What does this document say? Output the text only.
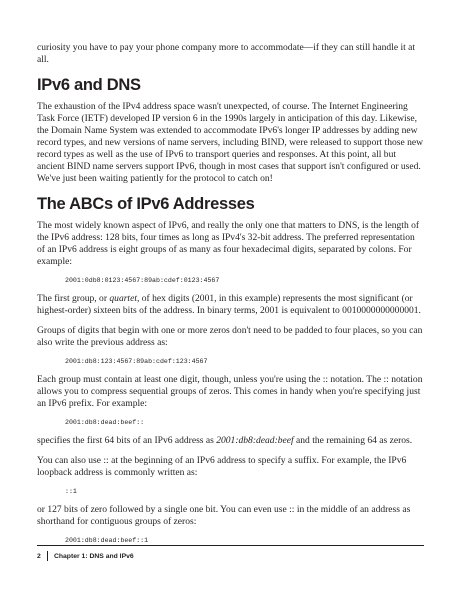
curiosity you have to pay your phone company more to accommodate—if they can still handle it at all.

IPv6 and DNS

The exhaustion of the IPv4 address space wasn't unexpected, of course. The Internet Engineering Task Force (IETF) developed IP version 6 in the 1990s largely in anticipation of this day. Likewise, the Domain Name System was extended to accommodate IPv6's longer IP addresses by adding new record types, and new versions of name servers, including BIND, were released to support those new record types as well as the use of IPv6 to transport queries and responses. At this point, all but ancient BIND name servers support IPv6, though in most cases that support isn't configured or used. We've just been waiting patiently for the protocol to catch on!

The ABCs of IPv6 Addresses

The most widely known aspect of IPv6, and really the only one that matters to DNS, is the length of the IPv6 address: 128 bits, four times as long as IPv4's 32-bit address. The preferred representation of an IPv6 address is eight groups of as many as four hexadecimal digits, separated by colons. For example:

2001:0db8:0123:4567:89ab:cdef:0123:4567

The first group, or quartet, of hex digits (2001, in this example) represents the most significant (or highest-order) sixteen bits of the address. In binary terms, 2001 is equivalent to 0010000000000001.

Groups of digits that begin with one or more zeros don't need to be padded to four places, so you can also write the previous address as:

2001:db8:123:4567:89ab:cdef:123:4567

Each group must contain at least one digit, though, unless you're using the :: notation. The :: notation allows you to compress sequential groups of zeros. This comes in handy when you're specifying just an IPv6 prefix. For example:

2001:db8:dead:beef::

specifies the first 64 bits of an IPv6 address as 2001:db8:dead:beef and the remaining 64 as zeros.

You can also use :: at the beginning of an IPv6 address to specify a suffix. For example, the IPv6 loopback address is commonly written as:

::1

or 127 bits of zero followed by a single one bit. You can even use :: in the middle of an address as shorthand for contiguous groups of zeros:

2001:db8:dead:beef::1
2 Chapter 1: DNS and IPv6
